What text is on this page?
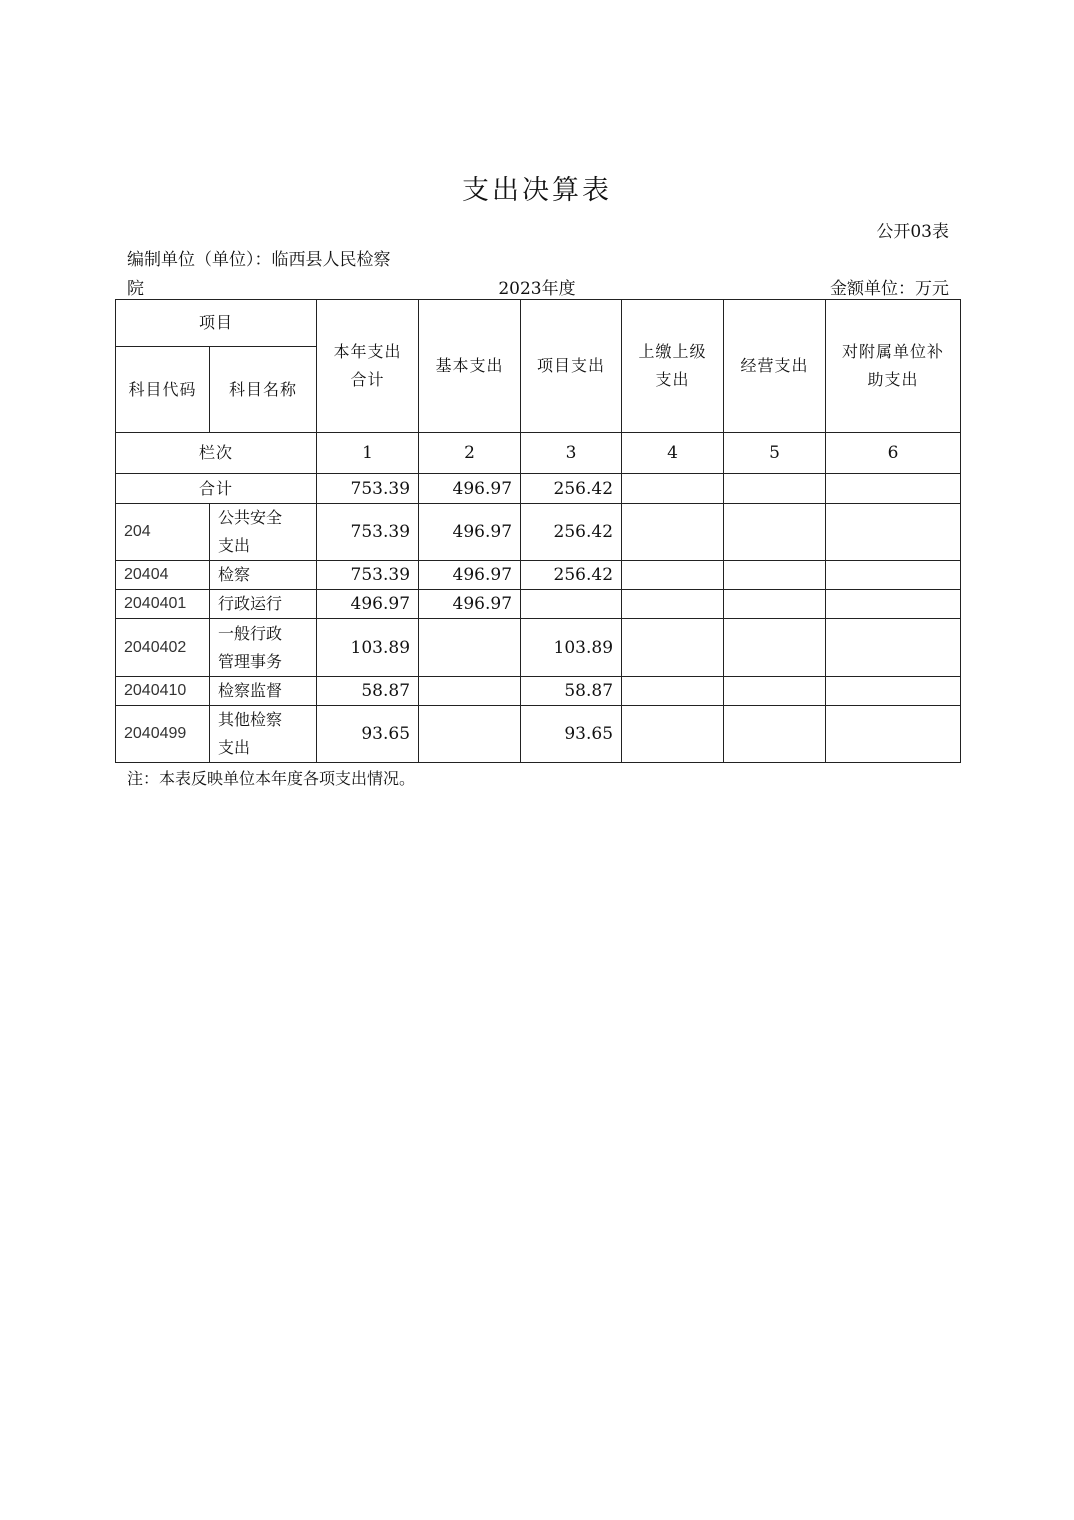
支出决算表
公开03表
编制单位（单位）：临西县人民检察
院	2023年度	金额单位：万元
项目		本年支出合计	基本支出	项目支出	上缴上级支出	经营支出	对附属单位补助支出

科目代码	科目名称						
栏次		1	2	3	4	5	6
合计		753.39	496.97	256.42			
204	公共安全支出	753.39	496.97	256.42			
20404	检察	753.39	496.97	256.42			
2040401	行政运行	496.97	496.97				
2040402	一般行政管理事务	103.89		103.89			
2040410	检察监督	58.87		58.87			
2040499	其他检察支出	93.65		93.65			
注：本表反映单位本年度各项支出情况。
